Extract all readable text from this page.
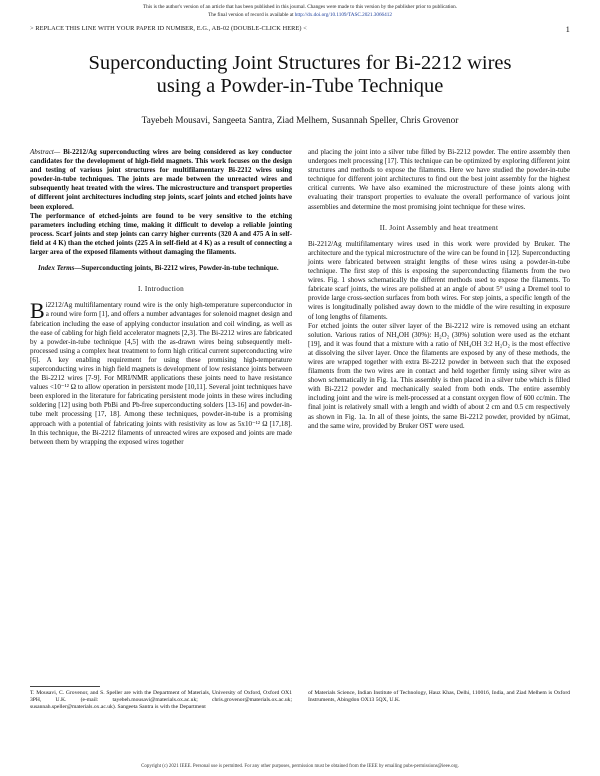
This is the author's version of an article that has been published in this journal. Changes were made to this version by the publisher prior to publication.
The final version of record is available at http://dx.doi.org/10.1109/TASC.2021.3066412
> REPLACE THIS LINE WITH YOUR PAPER ID NUMBER, E.G., AB-02 (DOUBLE-CLICK HERE) <	1
Superconducting Joint Structures for Bi-2212 wires
using a Powder-in-Tube Technique
Tayebeh Mousavi, Sangeeta Santra, Ziad Melhem, Susannah Speller, Chris Grovenor

Abstract— Bi-2212/Ag superconducting wires are being considered as key conductor candidates for the development of high-field magnets. This work focuses on the design and testing of various joint structures for multifilamentary Bi-2212 wires using powder-in-tube techniques. The joints are made between the unreacted wires and subsequently heat treated with the wires. The microstructure and transport properties of different joint architectures including step joints, scarf joints and etched joints have been explored.

The performance of etched-joints are found to be very sensitive to the etching parameters including etching time, making it difficult to develop a reliable jointing process. Scarf joints and step joints can carry higher currents (320 A and 475 A in self-field at 4 K) than the etched joints (225 A in self-field at 4 K) as a result of connecting a larger area of the exposed filaments without damaging the filaments.

Index Terms—Superconducting joints, Bi-2212 wires, Powder-in-tube technique.

I. Introduction

Bi2212/Ag multifilamentary round wire is the only high-temperature superconductor in a round wire form [1], and offers a number advantages for solenoid magnet design and fabrication including the ease of applying conductor insulation and coil winding, as well as the ease of cabling for high field accelerator magnets [2,3]. The Bi-2212 wires are fabricated by a powder-in-tube technique [4,5] with the as-drawn wires being subsequently melt-processed using a complex heat treatment to form high critical current superconducting wire [6]. A key enabling requirement for using these promising high-temperature superconducting wires in high field magnets is development of low resistance joints between the Bi-2212 wires [7-9]. For MRI/NMR applications these joints need to have resistance values <10⁻¹² Ω to allow operation in persistent mode [10,11]. Several joint techniques have been explored in the literature for fabricating persistent mode joints in these wires including soldering [12] using both PbBi and Pb-free superconducting solders [13-16] and powder-in-tube melt processing [17, 18]. Among these techniques, powder-in-tube is a promising approach with a potential of fabricating joints with resistivity as low as 5x10⁻¹² Ω [17,18]. In this technique, the Bi-2212 filaments of unreacted wires are exposed and joints are made between them by wrapping the exposed wires together

and placing the joint into a silver tube filled by Bi-2212 powder. The entire assembly then undergoes melt processing [17]. This technique can be optimized by exploring different joint structures and methods to expose the filaments. Here we have studied the powder-in-tube technique for different joint architectures to find out the best joint assembly for the highest critical currents. We have also examined the microstructure of these joints along with evaluating their transport properties to evaluate the overall performance of various joint assemblies and determine the most promising joint technique for these wires.

II. Joint Assembly and heat treatment

Bi-2212/Ag multifilamentary wires used in this work were provided by Bruker. The architecture and the typical microstructure of the wire can be found in [12]. Superconducting joints were fabricated between straight lengths of these wires using a powder-in-tube technique. The first step of this is exposing the superconducting filaments from the two wires. Fig. 1 shows schematically the different methods used to expose the filaments. To fabricate scarf joints, the wires are polished at an angle of about 5° using a Dremel tool to provide large cross-section surfaces from both wires. For step joints, a specific length of the wires is longitudinally polished away down to the middle of the wire resulting in exposure of long lengths of filaments.

For etched joints the outer silver layer of the Bi-2212 wire is removed using an etchant solution. Various ratios of NH₄OH (30%): H₂O₂ (30%) solution were used as the etchant [19], and it was found that a mixture with a ratio of NH₄OH 3:2 H₂O₂ is the most effective at dissolving the silver layer. Once the filaments are exposed by any of these methods, the wires are wrapped together with extra Bi-2212 powder in between such that the exposed filaments from the two wires are in contact and held together firmly using silver wire as shown schematically in Fig. 1a. This assembly is then placed in a silver tube which is filled with Bi-2212 powder and mechanically sealed from both ends. The entire assembly including joint and the wire is melt-processed at a constant oxygen flow of 600 cc/min. The final joint is relatively small with a length and width of about 2 cm and 0.5 cm respectively as shown in Fig. 1a. In all of these joints, the same Bi-2212 powder, provided by nGimat, and the same wire, provided by Bruker OST were used.

T. Mousavi, C. Grovenor, and S. Speller are with the Department of Materials, University of Oxford, Oxford OX1 3PH, U.K. (e-mail: tayebeh.mousavi@materials.ox.ac.uk; chris.grovenor@materials.ox.ac.uk; susannah.speller@materials.ox.ac.uk). Sangeeta Santra is with the Department
of Materials Science, Indian Institute of Technology, Hauz Khas, Delhi, 110016, India, and Ziad Melhem is Oxford Instruments, Abingdon OX13 5QX, U.K.
Copyright (c) 2021 IEEE. Personal use is permitted. For any other purposes, permission must be obtained from the IEEE by emailing pubs-permissions@ieee.org.
